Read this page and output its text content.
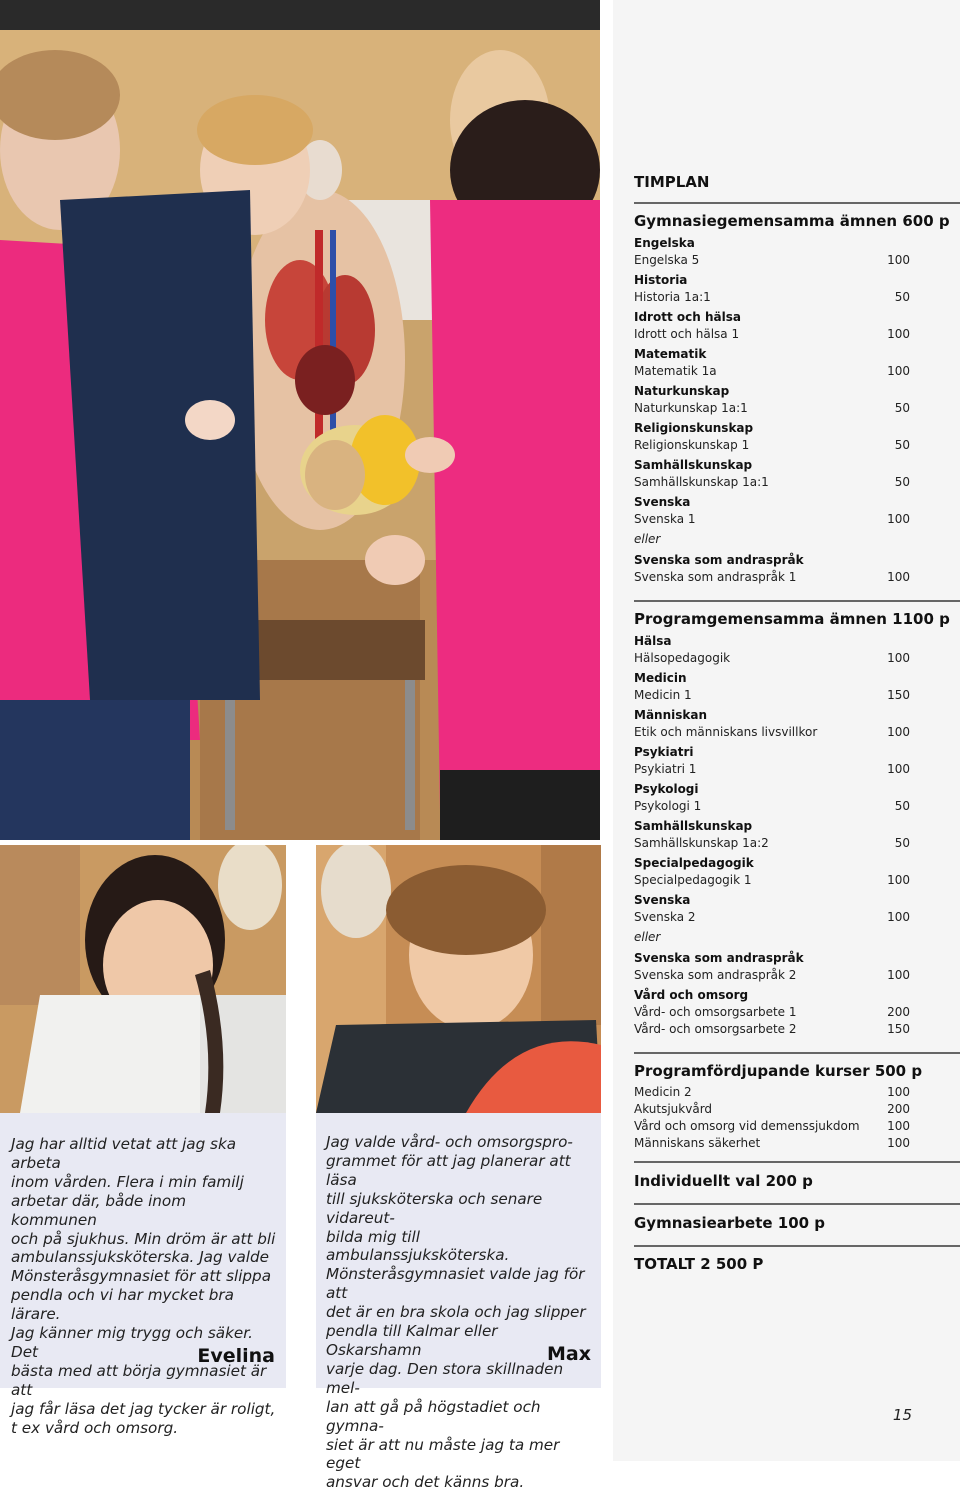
Jag har alltid vetat att jag ska arbeta
inom vården. Flera i min familj
arbetar där, både inom kommunen
och på sjukhus. Min dröm är att bli
ambulanssjuksköterska. Jag valde
Mönsteråsgymnasiet för att slippa
pendla och vi har mycket bra lärare.
Jag känner mig trygg och säker. Det
bästa med att börja gymnasiet är att
jag får läsa det jag tycker är roligt,
t ex vård och omsorg.

Evelina

Jag valde vård- och omsorgspro-
grammet för att jag planerar att läsa
till sjuksköterska och senare vidareut-
bilda mig till ambulanssjuksköterska.
Mönsteråsgymnasiet valde jag för att
det är en bra skola och jag slipper
pendla till Kalmar eller Oskarshamn
varje dag. Den stora skillnaden mel-
lan att gå på högstadiet och gymna-
siet är att nu måste jag ta mer eget
ansvar och det känns bra.

Max
TIMPLAN
Gymnasiegemensamma ämnen 600 p
Engelska
Engelska 5	100
Historia
Historia 1a:1	50
Idrott och hälsa
Idrott och hälsa 1	100
Matematik
Matematik 1a	100
Naturkunskap
Naturkunskap 1a:1	50
Religionskunskap
Religionskunskap 1	50
Samhällskunskap
Samhällskunskap 1a:1	50
Svenska
Svenska 1	100
eller
Svenska som andraspråk
Svenska som andraspråk 1	100
Programgemensamma ämnen 1100 p
Hälsa
Hälsopedagogik	100
Medicin
Medicin 1	150
Människan
Etik och människans livsvillkor	100
Psykiatri
Psykiatri 1	100
Psykologi
Psykologi 1	50
Samhällskunskap
Samhällskunskap 1a:2	50
Specialpedagogik
Specialpedagogik 1	100
Svenska
Svenska 2	100
eller
Svenska som andraspråk
Svenska som andraspråk 2	100
Vård och omsorg
Vård- och omsorgsarbete 1	200
Vård- och omsorgsarbete 2	150
Programfördjupande kurser 500 p
Medicin 2	100
Akutsjukvård	200
Vård och omsorg vid demenssjukdom 100
Människans säkerhet	100
Individuellt val 200 p
Gymnasiearbete 100 p
TOTALT 2 500 P
15
